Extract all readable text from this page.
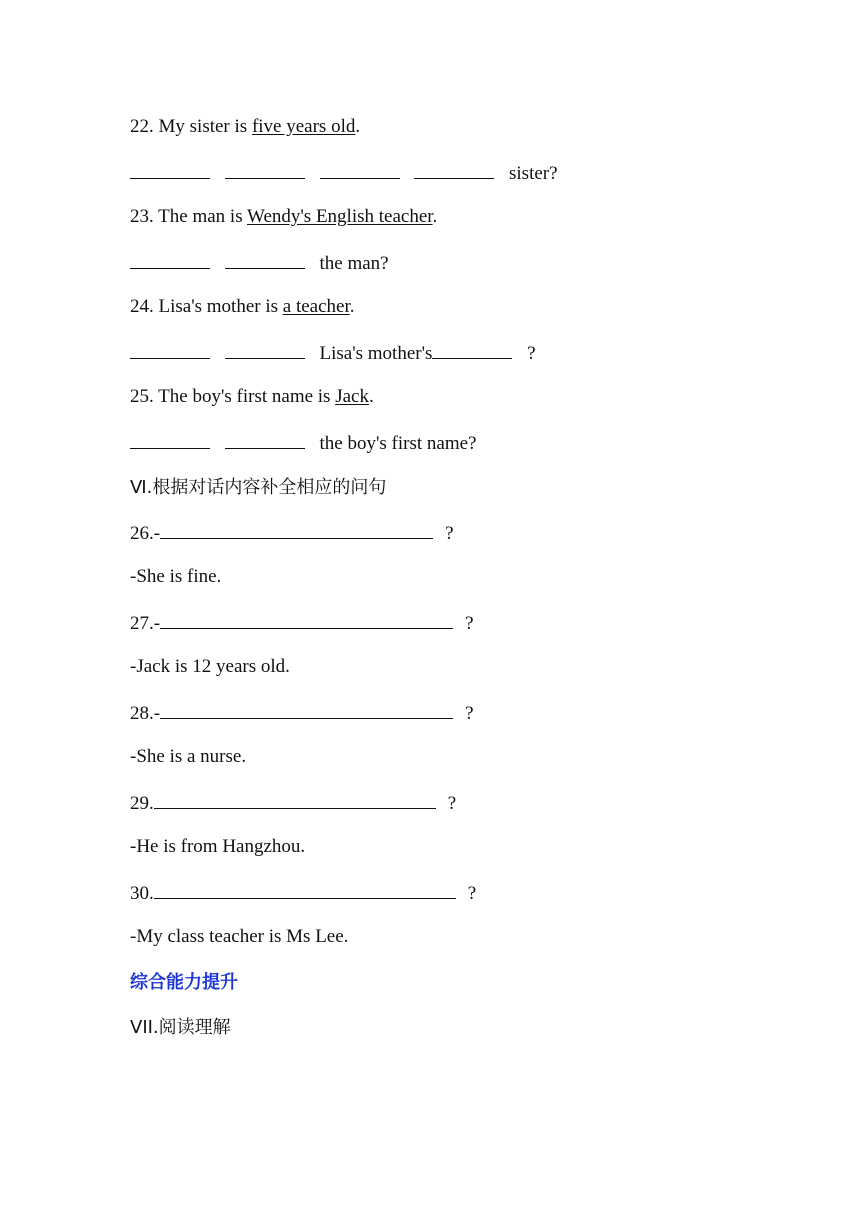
22. My sister is five years old.
sister?
23. The man is Wendy's English teacher.
the man?
24. Lisa's mother is a teacher.
Lisa's mother's	?
25. The boy's first name is Jack.
the boy's first name?
Ⅵ.根据对话内容补全相应的问句
26.-	?
-She is fine.
27.-	?
-Jack is 12 years old.
28.-	?
-She is a nurse.
29.	?
-He is from Hangzhou.
30.	?
-My class teacher is Ms Lee.
综合能力提升
VII.阅读理解
